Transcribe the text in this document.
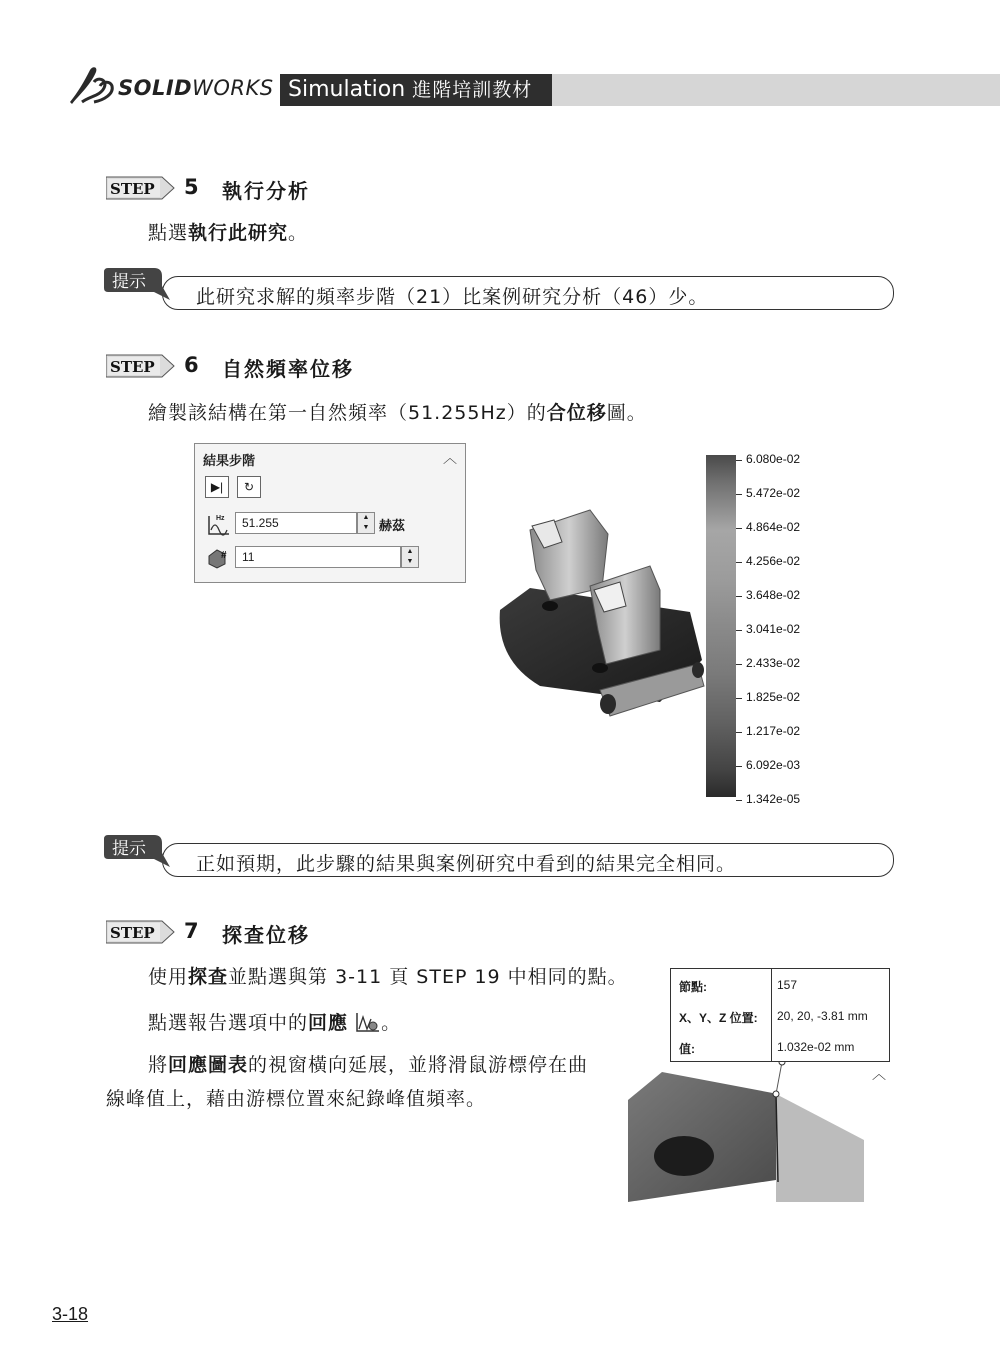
Simulation 進階培訓教材
SOLIDWORKS
STEP 5 執行分析
點選執行此研究。
提示
此研究求解的頻率步階（21）比案例研究分析（46）少。
STEP 6 自然頻率位移
繪製該結構在第一自然頻率（51.255Hz）的合位移圖。
結果步階	︿
▶|	↻
Hz	51.255	▲
▼ 赫茲
#	11	▲
▼
6.080e-02
5.472e-02
4.864e-02
4.256e-02
3.648e-02
3.041e-02
2.433e-02
1.825e-02
1.217e-02
6.092e-03
1.342e-05
提示
正如預期，此步驟的結果與案例研究中看到的結果完全相同。
STEP 7 探查位移
使用探查並點選與第 3-11 頁 STEP 19 中相同的點。
點選報告選項中的回應 。
將回應圖表的視窗橫向延展，並將滑鼠游標停在曲
線峰值上，藉由游標位置來紀錄峰值頻率。
︿
節點:	157
X、Y、Z 位置: 20, 20, -3.81 mm
值:	1.032e-02 mm
3-18
